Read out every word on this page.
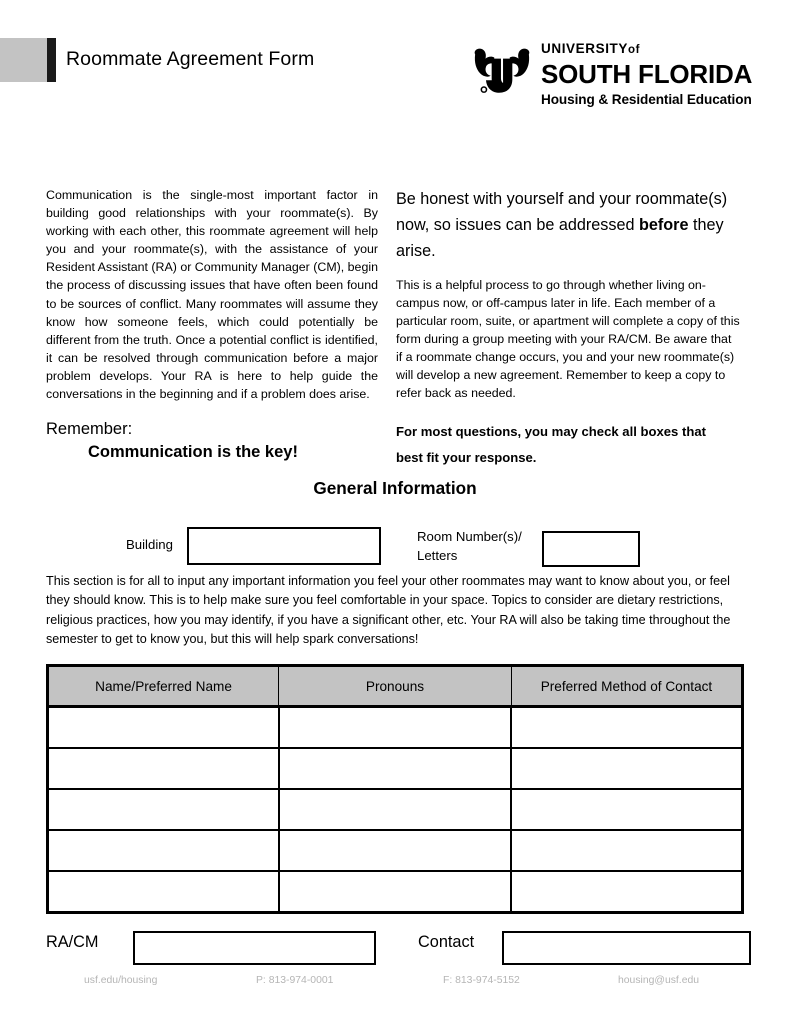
Roommate Agreement Form	UNIVERSITYof
SOUTH FLORIDA
Housing & Residential Education
Communication is the single-most important factor in building good relationships with your roommate(s). By working with each other, this roommate agreement will help you and your roommate(s), with the assistance of your Resident Assistant (RA) or Community Manager (CM), begin the process of discussing issues that have often been found to be sources of conflict. Many roommates will assume they know how someone feels, which could potentially be different from the truth. Once a potential conflict is identified, it can be resolved through communication before a major problem develops. Your RA is here to help guide the conversations in the beginning and if a problem does arise.

Be honest with yourself and your roommate(s) now, so issues can be addressed before they arise.

This is a helpful process to go through whether living on-campus now, or off-campus later in life. Each member of a particular room, suite, or apartment will complete a copy of this form during a group meeting with your RA/CM. Be aware that if a roommate change occurs, you and your new roommate(s) will develop a new agreement. Remember to keep a copy to refer back as needed.

Remember:
Communication is the key!
For most questions, you may check all boxes that best fit your response.
General Information
Building
Room Number(s)/ Letters
This section is for all to input any important information you feel your other roommates may want to know about you, or feel they should know. This is to help make sure you feel comfortable in your space. Topics to consider are dietary restrictions, religious practices, how you may identify, if you have a significant other, etc. Your RA will also be taking time throughout the semester to get to know you, but this will help spark conversations!
Name/Preferred Name	Pronouns	Preferred Method of Contact

RA/CM	Contact
usf.edu/housing	P: 813-974-0001	F: 813-974-5152	housing@usf.edu
